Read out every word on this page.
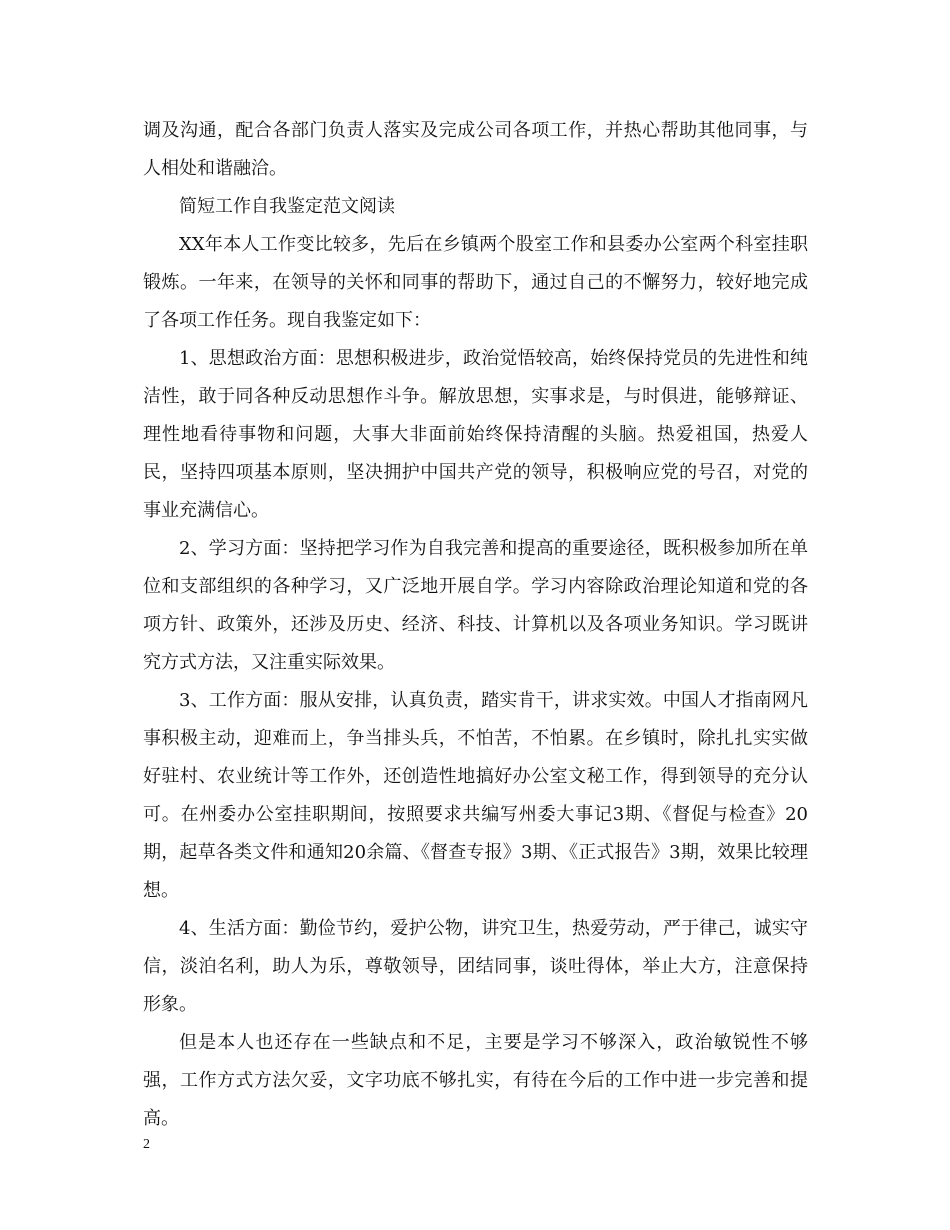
调及沟通，配合各部门负责人落实及完成公司各项工作，并热心帮助其他同事，与人相处和谐融洽。

简短工作自我鉴定范文阅读

XX年本人工作变比较多，先后在乡镇两个股室工作和县委办公室两个科室挂职锻炼。一年来，在领导的关怀和同事的帮助下，通过自己的不懈努力，较好地完成了各项工作任务。现自我鉴定如下：

1、思想政治方面：思想积极进步，政治觉悟较高，始终保持党员的先进性和纯洁性，敢于同各种反动思想作斗争。解放思想，实事求是，与时俱进，能够辩证、理性地看待事物和问题，大事大非面前始终保持清醒的头脑。热爱祖国，热爱人民，坚持四项基本原则，坚决拥护中国共产党的领导，积极响应党的号召，对党的事业充满信心。

2、学习方面：坚持把学习作为自我完善和提高的重要途径，既积极参加所在单位和支部组织的各种学习，又广泛地开展自学。学习内容除政治理论知道和党的各项方针、政策外，还涉及历史、经济、科技、计算机以及各项业务知识。学习既讲究方式方法，又注重实际效果。

3、工作方面：服从安排，认真负责，踏实肯干，讲求实效。中国人才指南网凡事积极主动，迎难而上，争当排头兵，不怕苦，不怕累。在乡镇时，除扎扎实实做好驻村、农业统计等工作外，还创造性地搞好办公室文秘工作，得到领导的充分认可。在州委办公室挂职期间，按照要求共编写州委大事记3期、《督促与检查》20期，起草各类文件和通知20余篇、《督查专报》3期、《正式报告》3期，效果比较理想。

4、生活方面：勤俭节约，爱护公物，讲究卫生，热爱劳动，严于律己，诚实守信，淡泊名利，助人为乐，尊敬领导，团结同事，谈吐得体，举止大方，注意保持形象。

但是本人也还存在一些缺点和不足，主要是学习不够深入，政治敏锐性不够强，工作方式方法欠妥，文字功底不够扎实，有待在今后的工作中进一步完善和提高。

2
